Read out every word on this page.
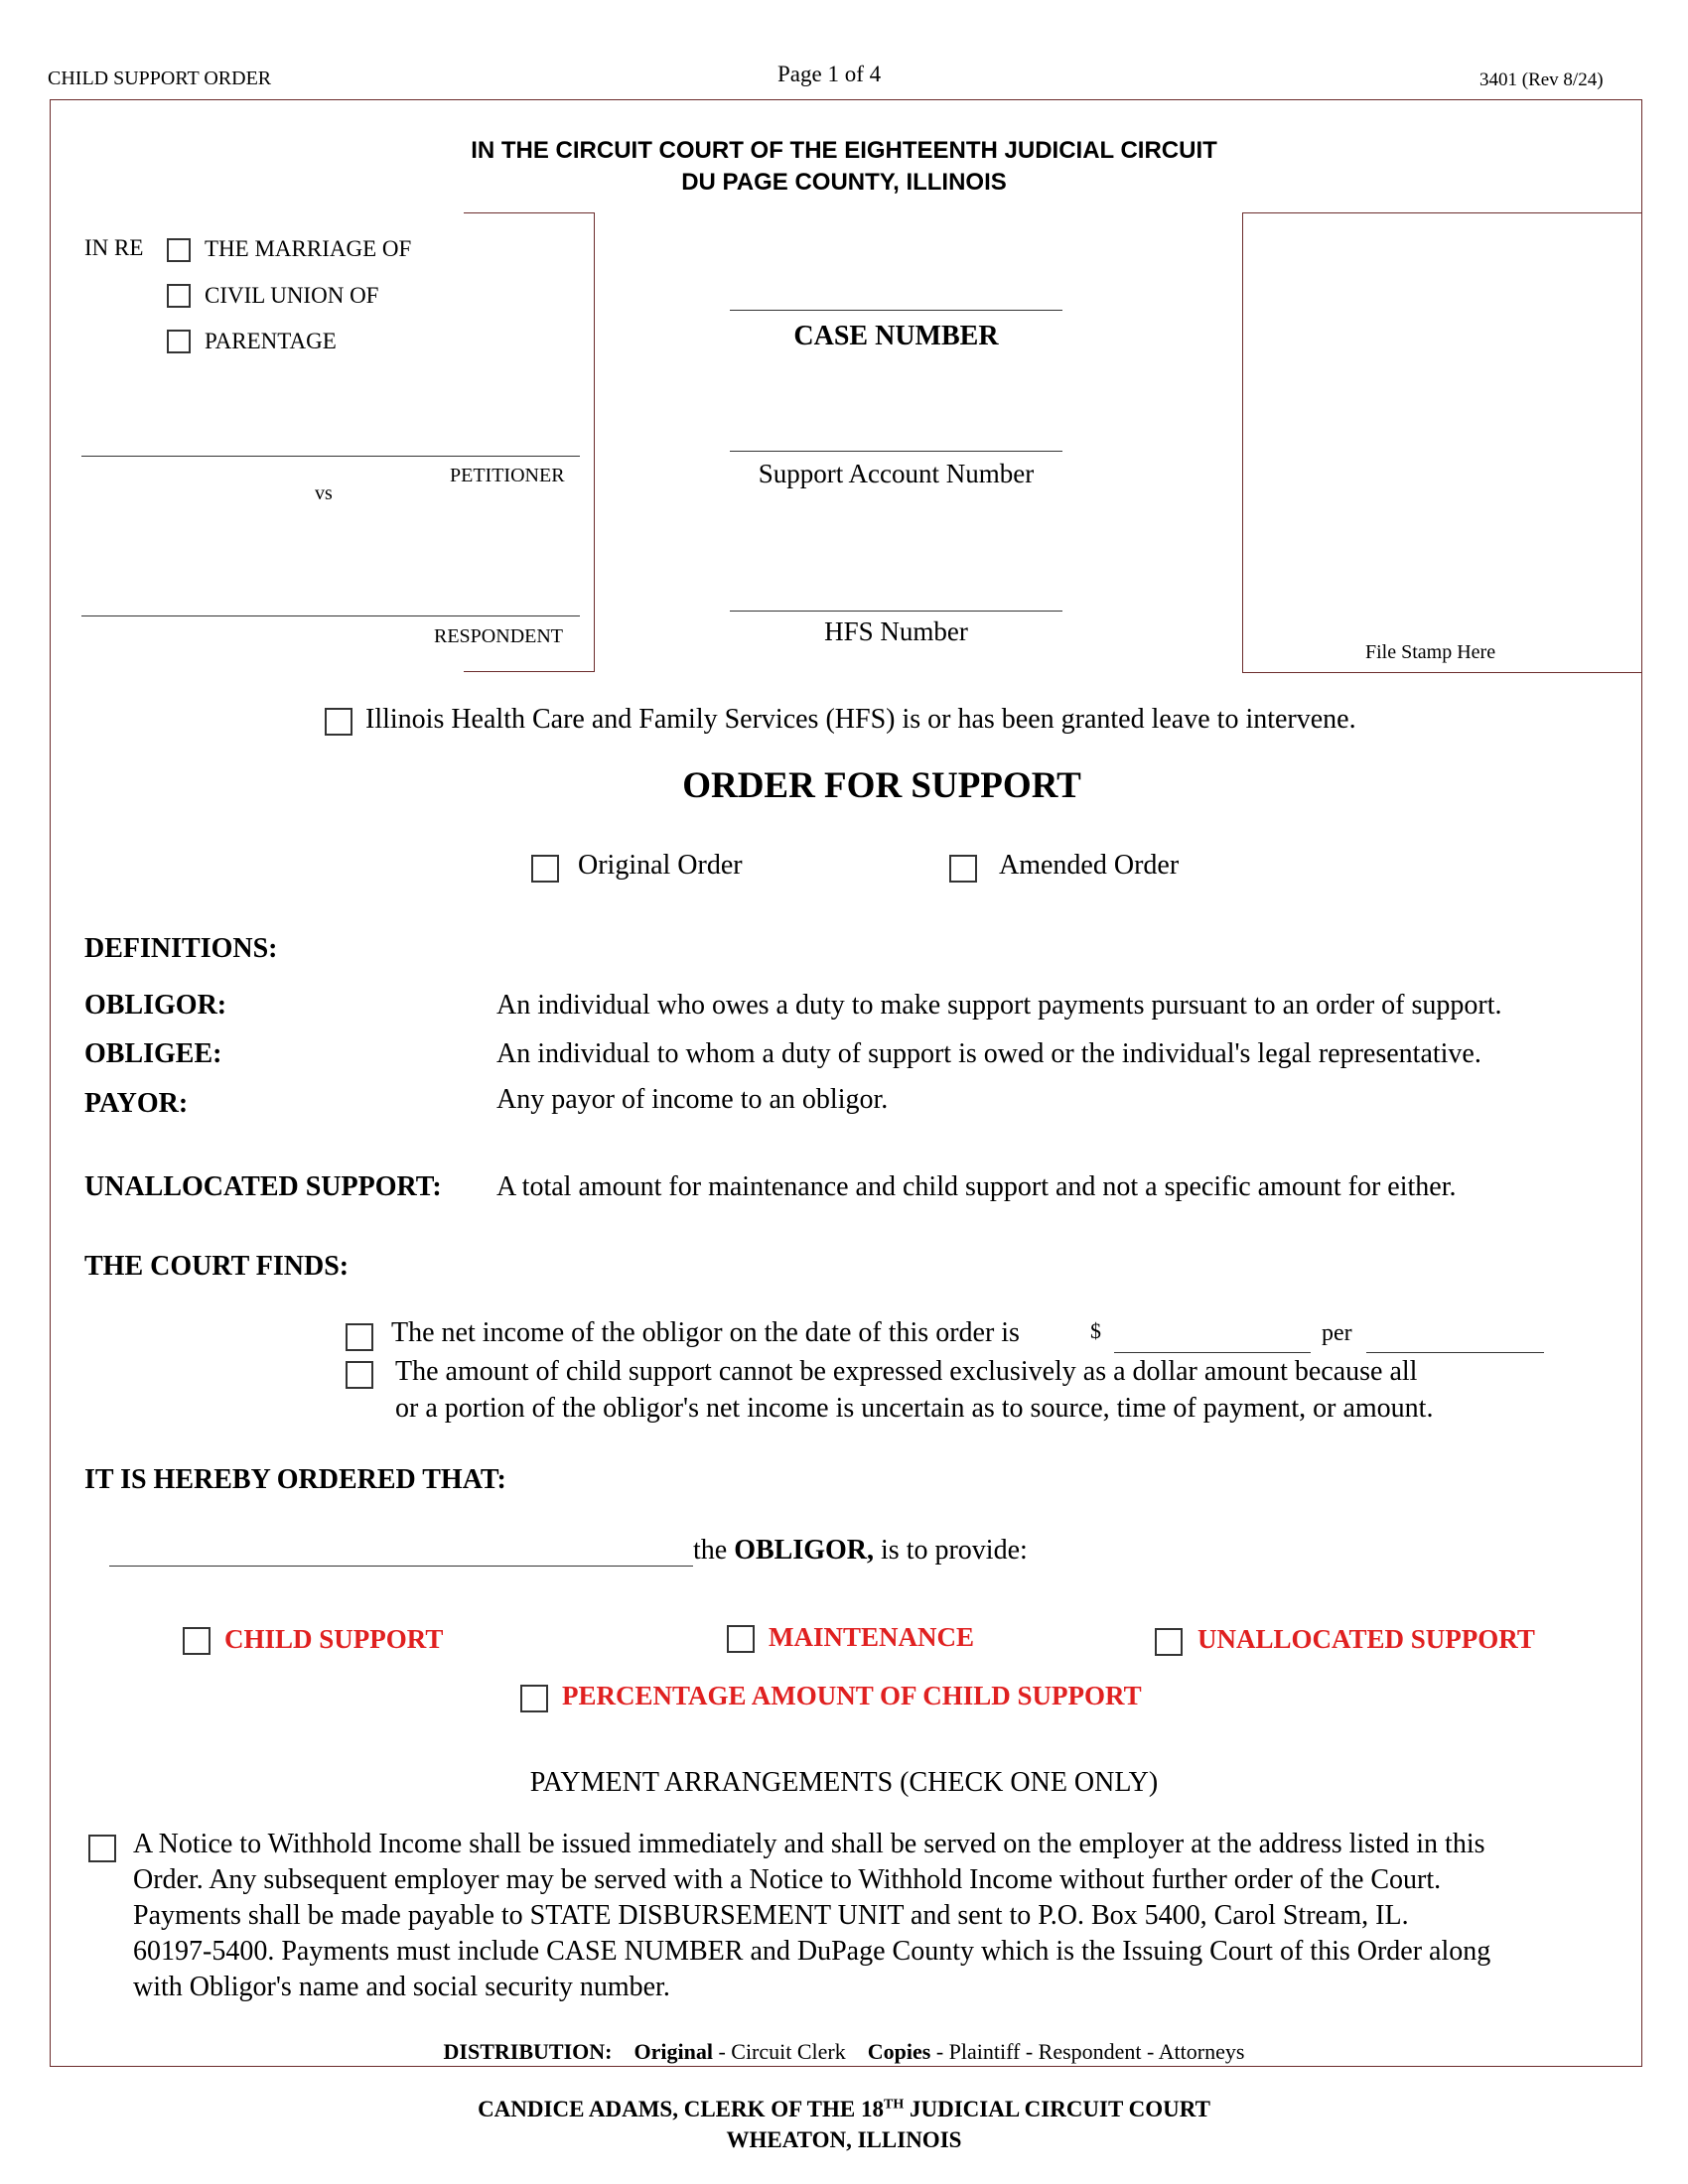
CHILD SUPPORT ORDER	Page 1 of 4	3401 (Rev 8/24)
IN THE CIRCUIT COURT OF THE EIGHTEENTH JUDICIAL CIRCUIT
DU PAGE COUNTY, ILLINOIS
IN RE	THE MARRIAGE OF
CIVIL UNION OF
PARENTAGE
PETITIONER
vs
RESPONDENT
CASE NUMBER
Support Account Number
HFS Number
File Stamp Here
Illinois Health Care and Family Services (HFS) is or has been granted leave to intervene.
ORDER FOR SUPPORT
Original Order	Amended Order
DEFINITIONS:
OBLIGOR:	An individual who owes a duty to make support payments pursuant to an order of support.
OBLIGEE:	An individual to whom a duty of support is owed or the individual's legal representative.
PAYOR:	Any payor of income to an obligor.
UNALLOCATED SUPPORT: A total amount for maintenance and child support and not a specific amount for either.
THE COURT FINDS:
The net income of the obligor on the date of this order is	$	per
The amount of child support cannot be expressed exclusively as a dollar amount because all
or a portion of the obligor's net income is uncertain as to source, time of payment, or amount.
IT IS HEREBY ORDERED THAT:
the OBLIGOR, is to provide:
CHILD SUPPORT	MAINTENANCE	UNALLOCATED SUPPORT
PERCENTAGE AMOUNT OF CHILD SUPPORT
PAYMENT ARRANGEMENTS (CHECK ONE ONLY)
A Notice to Withhold Income shall be issued immediately and shall be served on the employer at the address listed in this
Order. Any subsequent employer may be served with a Notice to Withhold Income without further order of the Court.
Payments shall be made payable to STATE DISBURSEMENT UNIT and sent to P.O. Box 5400, Carol Stream, IL.
60197-5400. Payments must include CASE NUMBER and DuPage County which is the Issuing Court of this Order along
with Obligor's name and social security number.
DISTRIBUTION: Original - Circuit Clerk Copies - Plaintiff - Respondent - Attorneys
CANDICE ADAMS, CLERK OF THE 18TH JUDICIAL CIRCUIT COURT
WHEATON, ILLINOIS
